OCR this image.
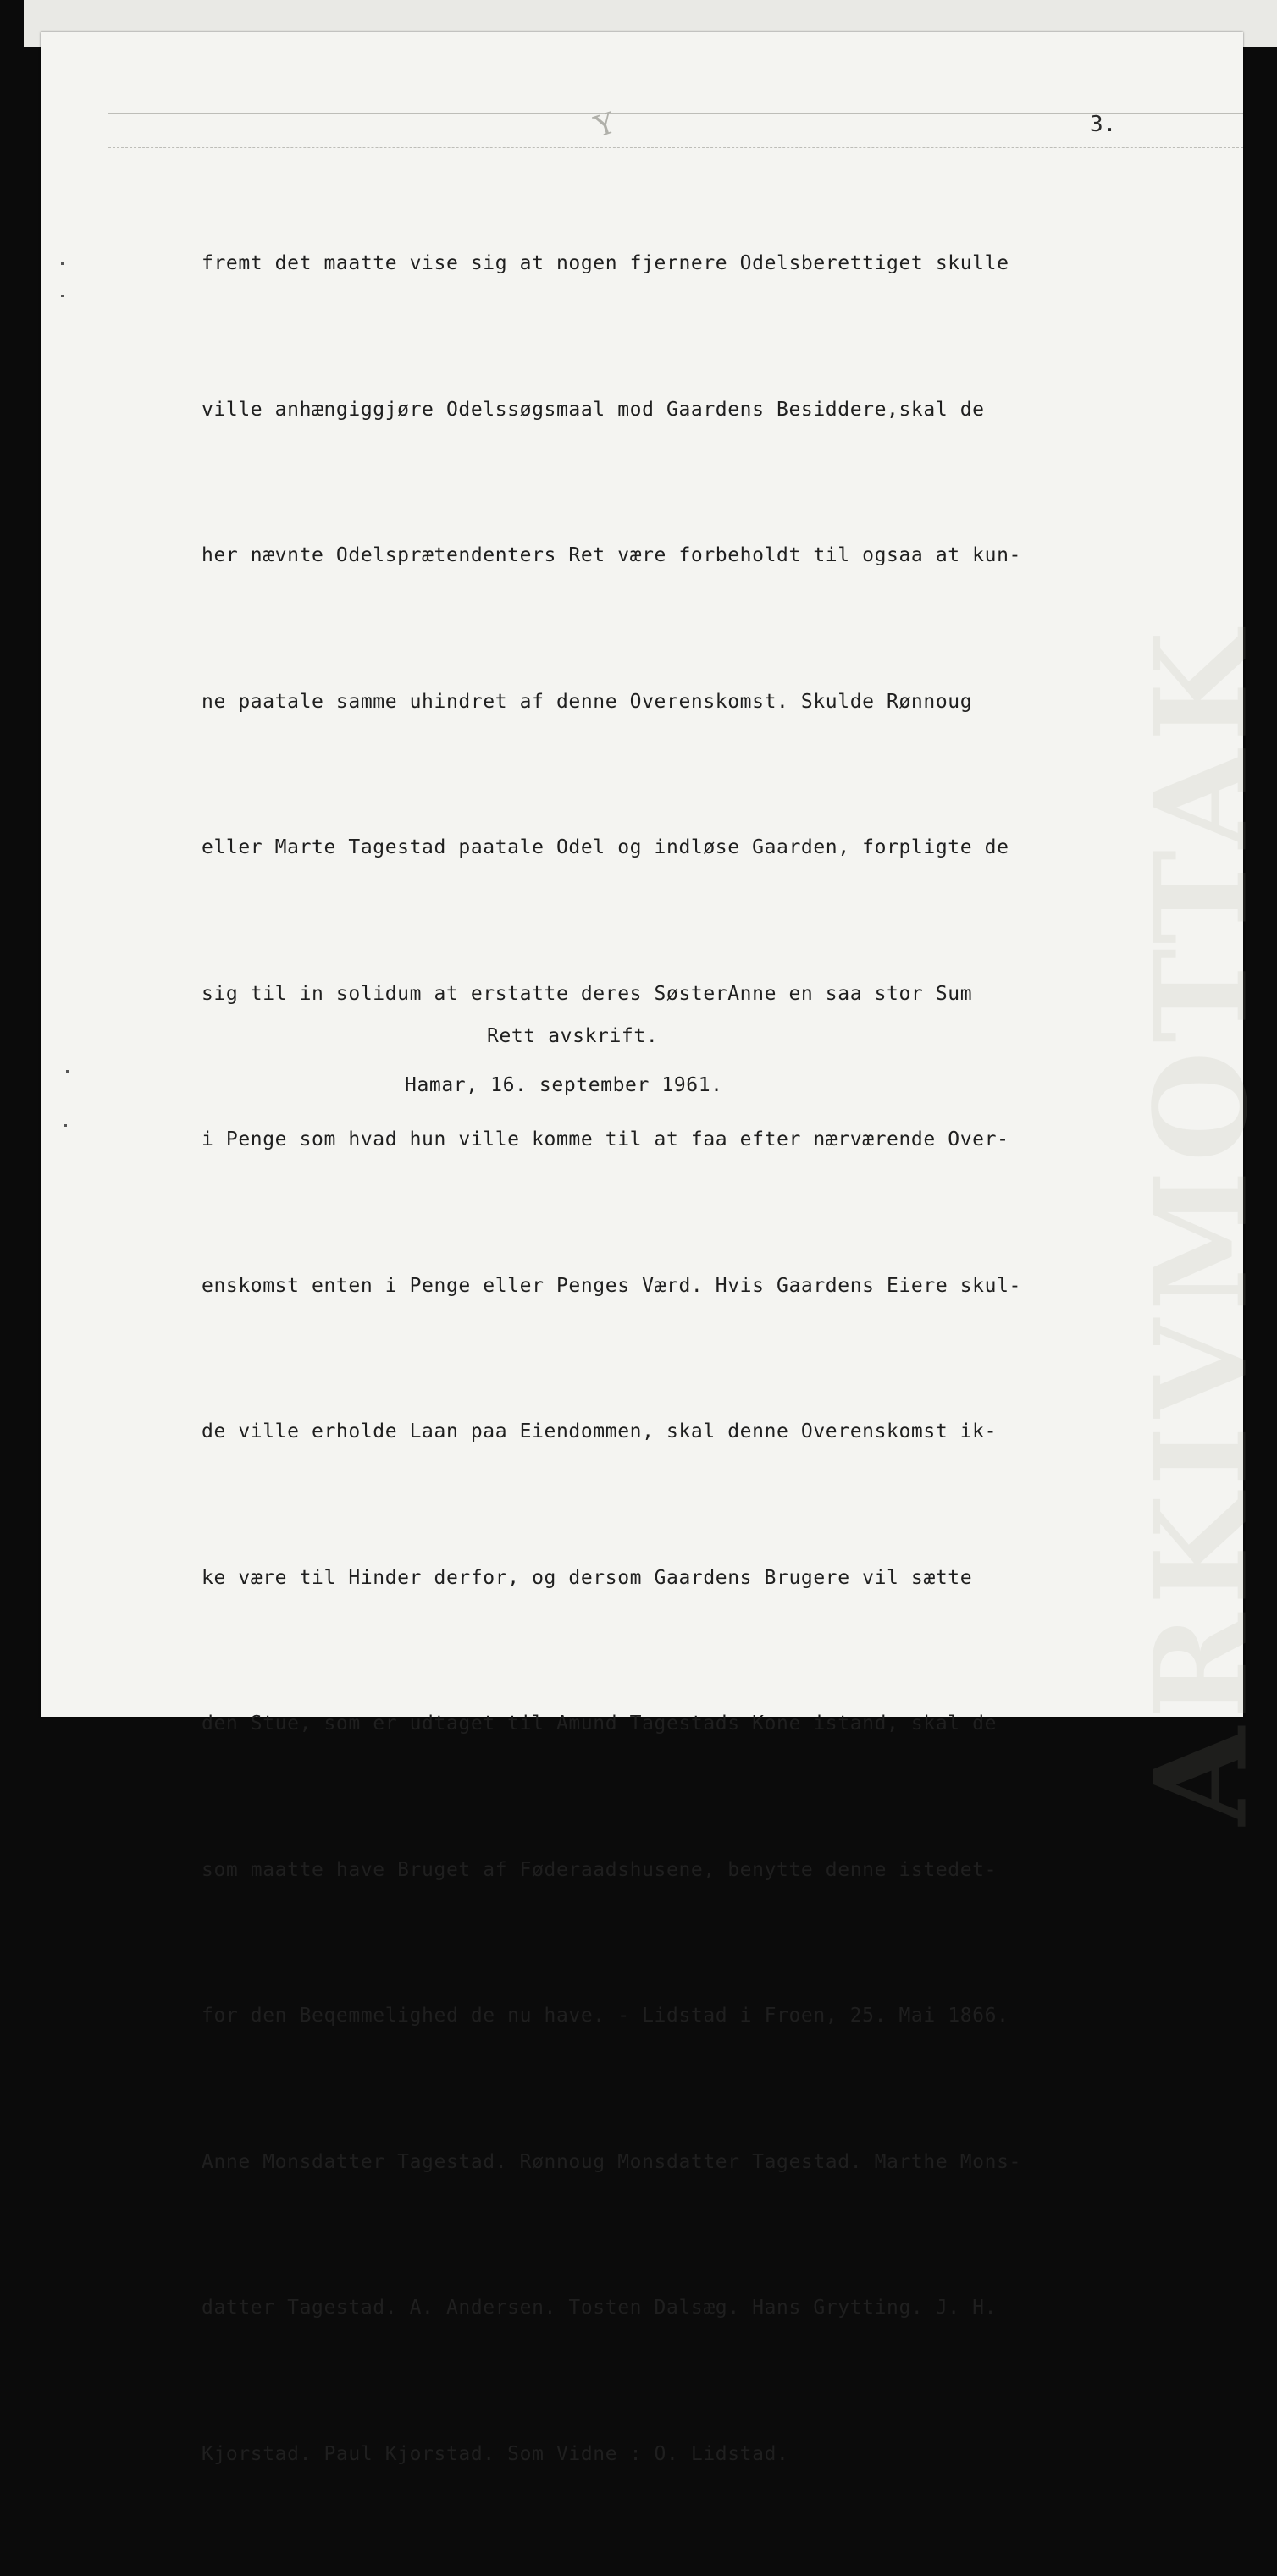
Y
ARKIVMOTTAK
3.

fremt det maatte vise sig at nogen fjernere Odelsberettiget skulle

ville anhængiggjøre Odelssøgsmaal mod Gaardens Besiddere,skal de

her nævnte Odelsprætendenters Ret være forbeholdt til ogsaa at kun-

ne paatale samme uhindret af denne Overenskomst. Skulde Rønnoug

eller Marte Tagestad paatale Odel og indløse Gaarden, forpligte de

sig til in solidum at erstatte deres SøsterAnne en saa stor Sum

i Penge som hvad hun ville komme til at faa efter nærværende Over-

enskomst enten i Penge eller Penges Værd. Hvis Gaardens Eiere skul-

de ville erholde Laan paa Eiendommen, skal denne Overenskomst ik-

ke være til Hinder derfor, og dersom Gaardens Brugere vil sætte

den Stue, som er udtaget til Amund Tagestads Kone istand, skal de

som maatte have Bruget af Føderaadshusene, benytte denne istedet-

for den Beqemmelighed de nu have. - Lidstad i Froen, 25. Mai 1866.

Anne Monsdatter Tagestad. Rønnoug Monsdatter Tagestad. Marthe Mons-

datter Tagestad. A. Andersen. Tosten Dalsæg. Hans Grytting. J. H.

Kjorstad. Paul Kjorstad. Som Vidne : O. Lidstad.

Rett avskrift.
Hamar, 16. september 1961.
